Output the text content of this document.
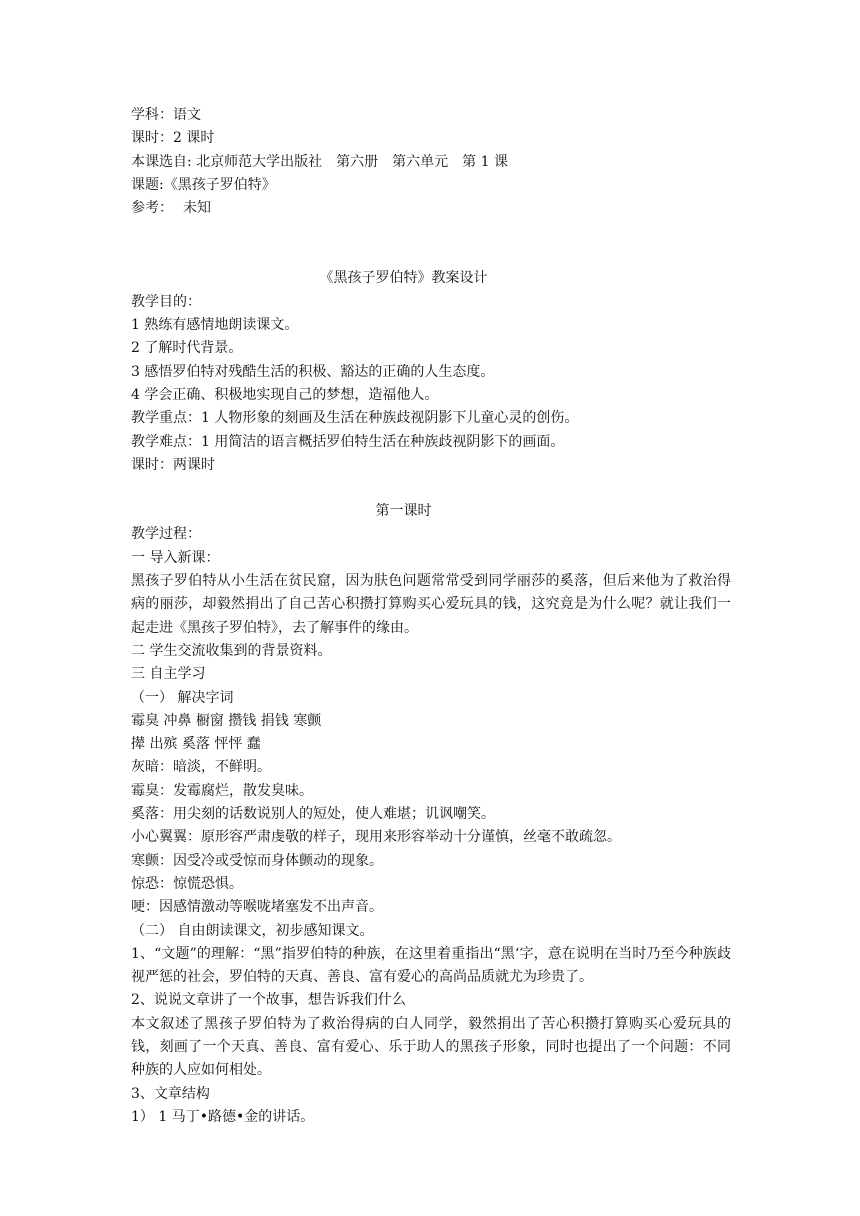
学科：语文
课时：2 课时
本课选自: 北京师范大学出版社　第六册　第六单元　第 1 课
课题:《黑孩子罗伯特》
参考： 未知
《黑孩子罗伯特》教案设计
教学目的：
1 熟练有感情地朗读课文。
2 了解时代背景。
3 感悟罗伯特对残酷生活的积极、豁达的正确的人生态度。
4 学会正确、积极地实现自己的梦想，造福他人。
教学重点：1 人物形象的刻画及生活在种族歧视阴影下儿童心灵的创伤。
教学难点：1 用简洁的语言概括罗伯特生活在种族歧视阴影下的画面。
课时：两课时
第一课时
教学过程：
一 导入新课：
黑孩子罗伯特从小生活在贫民窟，因为肤色问题常常受到同学丽莎的奚落，但后来他为了救治得病的丽莎，却毅然捐出了自己苦心积攒打算购买心爱玩具的钱，这究竟是为什么呢？就让我们一起走进《黑孩子罗伯特》，去了解事件的缘由。
二 学生交流收集到的背景资料。
三 自主学习
（一） 解决字词
霉臭 冲鼻 橱窗 攒钱 捐钱 寒颤
撵 出殡 奚落 怦怦 蠢
灰暗：暗淡，不鲜明。
霉臭：发霉腐烂，散发臭味。
奚落：用尖刻的话数说别人的短处，使人难堪；讥讽嘲笑。
小心翼翼：原形容严肃虔敬的样子，现用来形容举动十分谨慎，丝毫不敢疏忽。
寒颤：因受冷或受惊而身体颤动的现象。
惊恐：惊慌恐惧。
哽：因感情激动等喉咙堵塞发不出声音。
（二） 自由朗读课文，初步感知课文。
1、“文题”的理解：“黑”指罗伯特的种族，在这里着重指出“黑‘字，意在说明在当时乃至今种族歧视严惩的社会，罗伯特的天真、善良、富有爱心的高尚品质就尤为珍贵了。
2、说说文章讲了一个故事，想告诉我们什么
本文叙述了黑孩子罗伯特为了救治得病的白人同学，毅然捐出了苦心积攒打算购买心爱玩具的钱，刻画了一个天真、善良、富有爱心、乐于助人的黑孩子形象，同时也提出了一个问题：不同种族的人应如何相处。
3、文章结构
1） 1 马丁•路德•金的讲话。
